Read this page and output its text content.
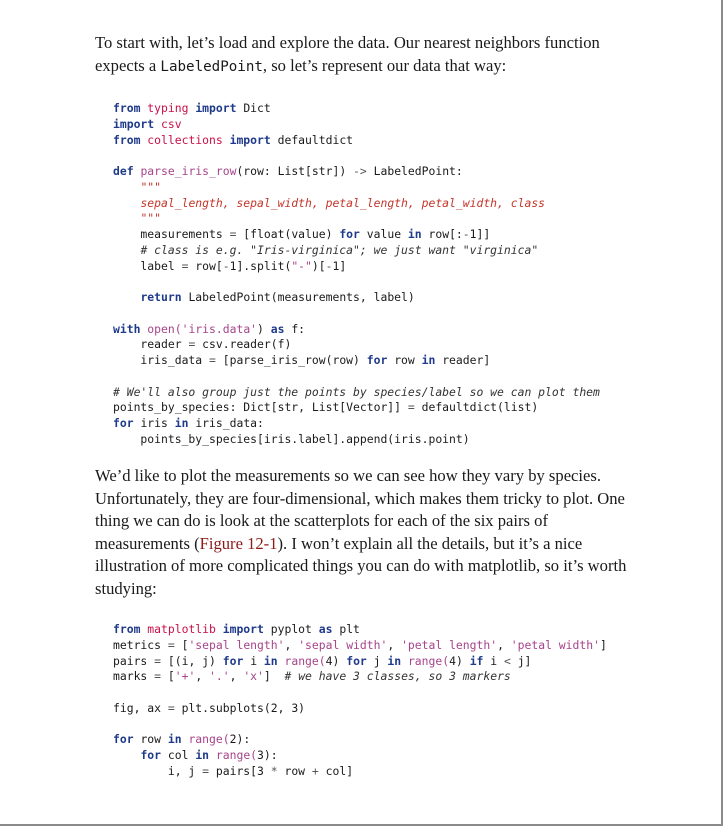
To start with, let’s load and explore the data. Our nearest neighbors function expects a LabeledPoint, so let’s represent our data that way:

from typing import Dict
import csv
from collections import defaultdict

def parse_iris_row(row: List[str]) -> LabeledPoint:
"""
sepal_length, sepal_width, petal_length, petal_width, class
"""
measurements = [float(value) for value in row[:-1]]
# class is e.g. "Iris-virginica"; we just want "virginica"
label = row[-1].split("-")[-1]

return LabeledPoint(measurements, label)

with open('iris.data') as f:
reader = csv.reader(f)
iris_data = [parse_iris_row(row) for row in reader]

# We'll also group just the points by species/label so we can plot them
points_by_species: Dict[str, List[Vector]] = defaultdict(list)
for iris in iris_data:
points_by_species[iris.label].append(iris.point)

We’d like to plot the measurements so we can see how they vary by species. Unfortunately, they are four-dimensional, which makes them tricky to plot. One thing we can do is look at the scatterplots for each of the six pairs of measurements (Figure 12-1). I won’t explain all the details, but it’s a nice illustration of more complicated things you can do with matplotlib, so it’s worth studying:

from matplotlib import pyplot as plt
metrics = ['sepal length', 'sepal width', 'petal length', 'petal width']
pairs = [(i, j) for i in range(4) for j in range(4) if i < j]
marks = ['+', '.', 'x']  # we have 3 classes, so 3 markers

fig, ax = plt.subplots(2, 3)

for row in range(2):
for col in range(3):
i, j = pairs[3 * row + col]
